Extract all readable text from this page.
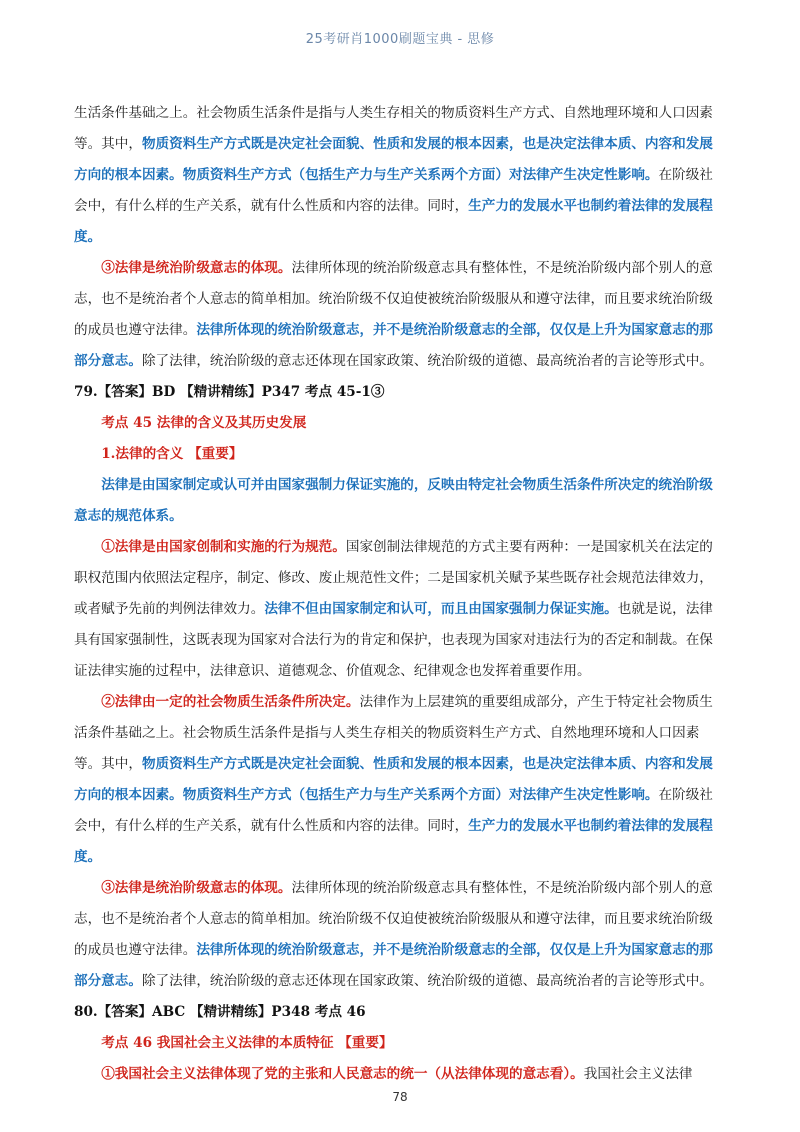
25考研肖1000刷题宝典 - 思修

生活条件基础之上。社会物质生活条件是指与人类生存相关的物质资料生产方式、自然地理环境和人口因素等。其中，物质资料生产方式既是决定社会面貌、性质和发展的根本因素，也是决定法律本质、内容和发展方向的根本因素。物质资料生产方式（包括生产力与生产关系两个方面）对法律产生决定性影响。在阶级社会中，有什么样的生产关系，就有什么性质和内容的法律。同时，生产力的发展水平也制约着法律的发展程度。

③法律是统治阶级意志的体现。法律所体现的统治阶级意志具有整体性，不是统治阶级内部个别人的意志，也不是统治者个人意志的简单相加。统治阶级不仅迫使被统治阶级服从和遵守法律，而且要求统治阶级的成员也遵守法律。法律所体现的统治阶级意志，并不是统治阶级意志的全部，仅仅是上升为国家意志的那部分意志。除了法律，统治阶级的意志还体现在国家政策、统治阶级的道德、最高统治者的言论等形式中。

79.【答案】BD 【精讲精练】P347 考点 45-1③

考点 45 法律的含义及其历史发展

1.法律的含义 【重要】

法律是由国家制定或认可并由国家强制力保证实施的，反映由特定社会物质生活条件所决定的统治阶级意志的规范体系。

①法律是由国家创制和实施的行为规范。国家创制法律规范的方式主要有两种：一是国家机关在法定的职权范围内依照法定程序，制定、修改、废止规范性文件；二是国家机关赋予某些既存社会规范法律效力，或者赋予先前的判例法律效力。法律不但由国家制定和认可，而且由国家强制力保证实施。也就是说，法律具有国家强制性，这既表现为国家对合法行为的肯定和保护，也表现为国家对违法行为的否定和制裁。在保证法律实施的过程中，法律意识、道德观念、价值观念、纪律观念也发挥着重要作用。

②法律由一定的社会物质生活条件所决定。法律作为上层建筑的重要组成部分，产生于特定社会物质生活条件基础之上。社会物质生活条件是指与人类生存相关的物质资料生产方式、自然地理环境和人口因素等。其中，物质资料生产方式既是决定社会面貌、性质和发展的根本因素，也是决定法律本质、内容和发展方向的根本因素。物质资料生产方式（包括生产力与生产关系两个方面）对法律产生决定性影响。在阶级社会中，有什么样的生产关系，就有什么性质和内容的法律。同时，生产力的发展水平也制约着法律的发展程度。

③法律是统治阶级意志的体现。法律所体现的统治阶级意志具有整体性，不是统治阶级内部个别人的意志，也不是统治者个人意志的简单相加。统治阶级不仅迫使被统治阶级服从和遵守法律，而且要求统治阶级的成员也遵守法律。法律所体现的统治阶级意志，并不是统治阶级意志的全部，仅仅是上升为国家意志的那部分意志。除了法律，统治阶级的意志还体现在国家政策、统治阶级的道德、最高统治者的言论等形式中。

80.【答案】ABC 【精讲精练】P348 考点 46

考点 46 我国社会主义法律的本质特征 【重要】

①我国社会主义法律体现了党的主张和人民意志的统一（从法律体现的意志看）。我国社会主义法律

78
